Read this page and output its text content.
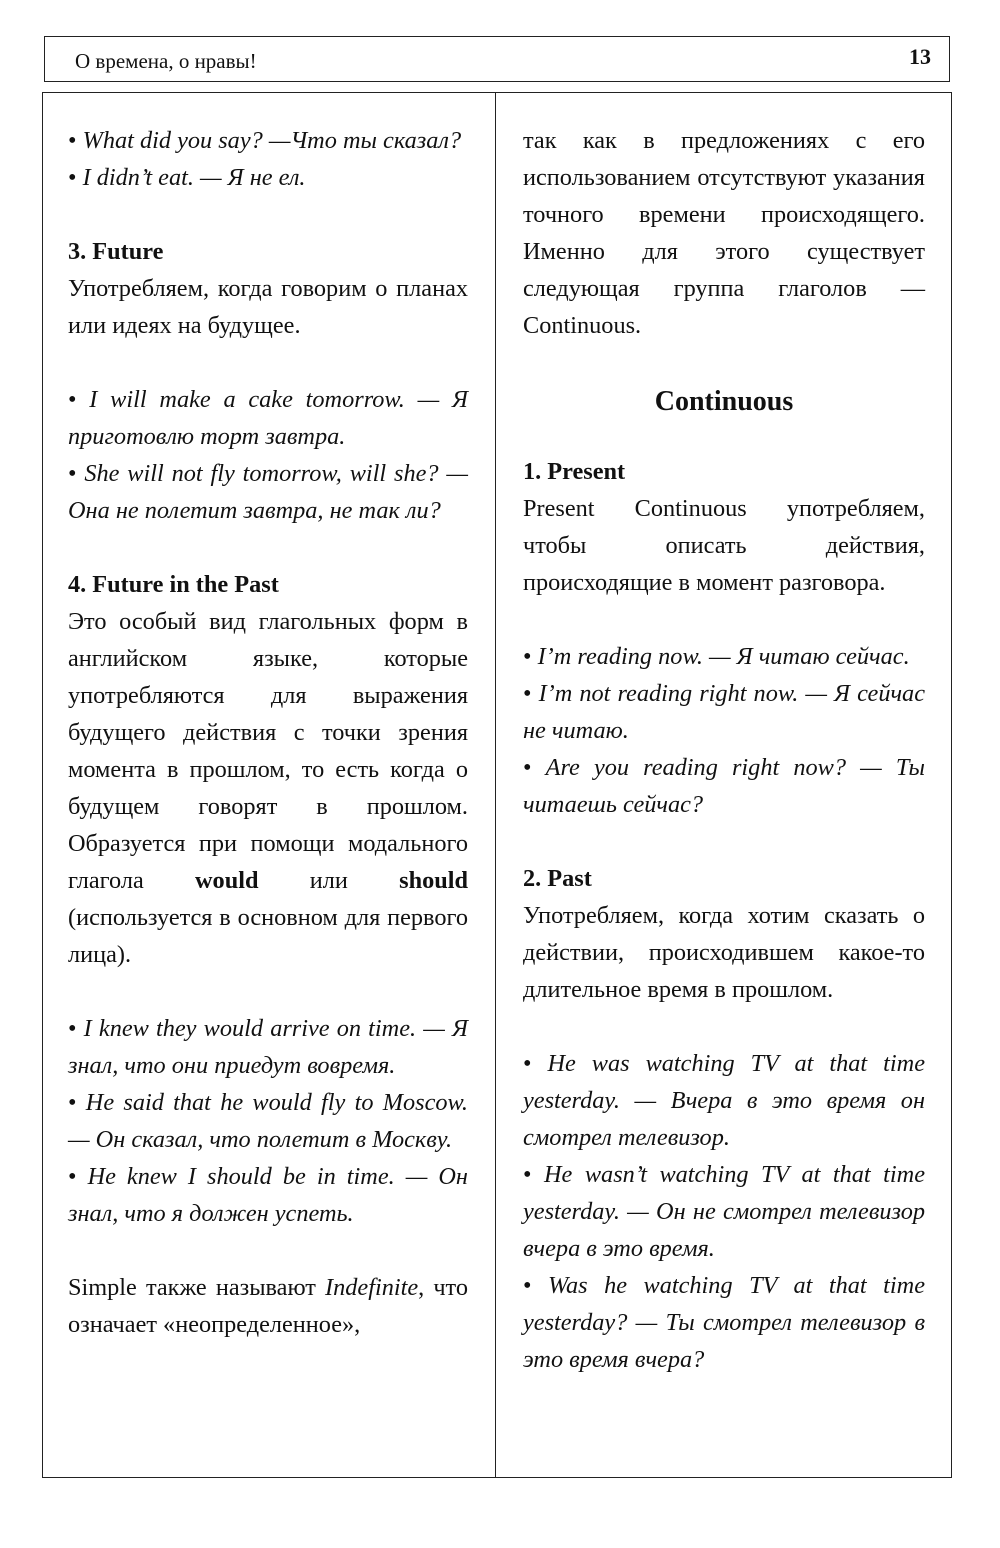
О времена, о нравы!	13

• What did you say? —Что ты сказал?

• I didn’t eat. — Я не ел.

3. Future

Употребляем, когда говорим о планах или идеях на будущее.

• I will make a cake tomorrow. — Я приготовлю торт завтра.

• She will not fly tomorrow, will she? — Она не полетит завтра, не так ли?

4. Future in the Past

Это особый вид глагольных форм в английском языке, которые употребляются для выражения будущего действия с точки зрения момента в прошлом, то есть когда о будущем говорят в прошлом. Образуется при помощи модального глагола would или should (используется в основном для первого лица).

• I knew they would arrive on time. — Я знал, что они приедут вовремя.

• He said that he would fly to Moscow. — Он сказал, что полетит в Москву.

• He knew I should be in time. — Он знал, что я должен успеть.

Simple также называют Indefinite, что означает «неопределенное»,

так как в предложениях с его использованием отсутствуют указания точного времени происходящего. Именно для этого существует следующая группа глаголов — Continuous.

Continuous
1. Present

Present Continuous употребляем, чтобы описать действия, происходящие в момент разговора.

• I’m reading now. — Я читаю сейчас.

• I’m not reading right now. — Я сейчас не читаю.

• Are you reading right now? — Ты читаешь сейчас?

2. Past

Употребляем, когда хотим сказать о действии, происходившем какое-то длительное время в прошлом.

• He was watching TV at that time yesterday. — Вчера в это время он смотрел телевизор.

• He wasn’t watching TV at that time yesterday. — Он не смотрел телевизор вчера в это время.

• Was he watching TV at that time yesterday? — Ты смотрел телевизор в это время вчера?
